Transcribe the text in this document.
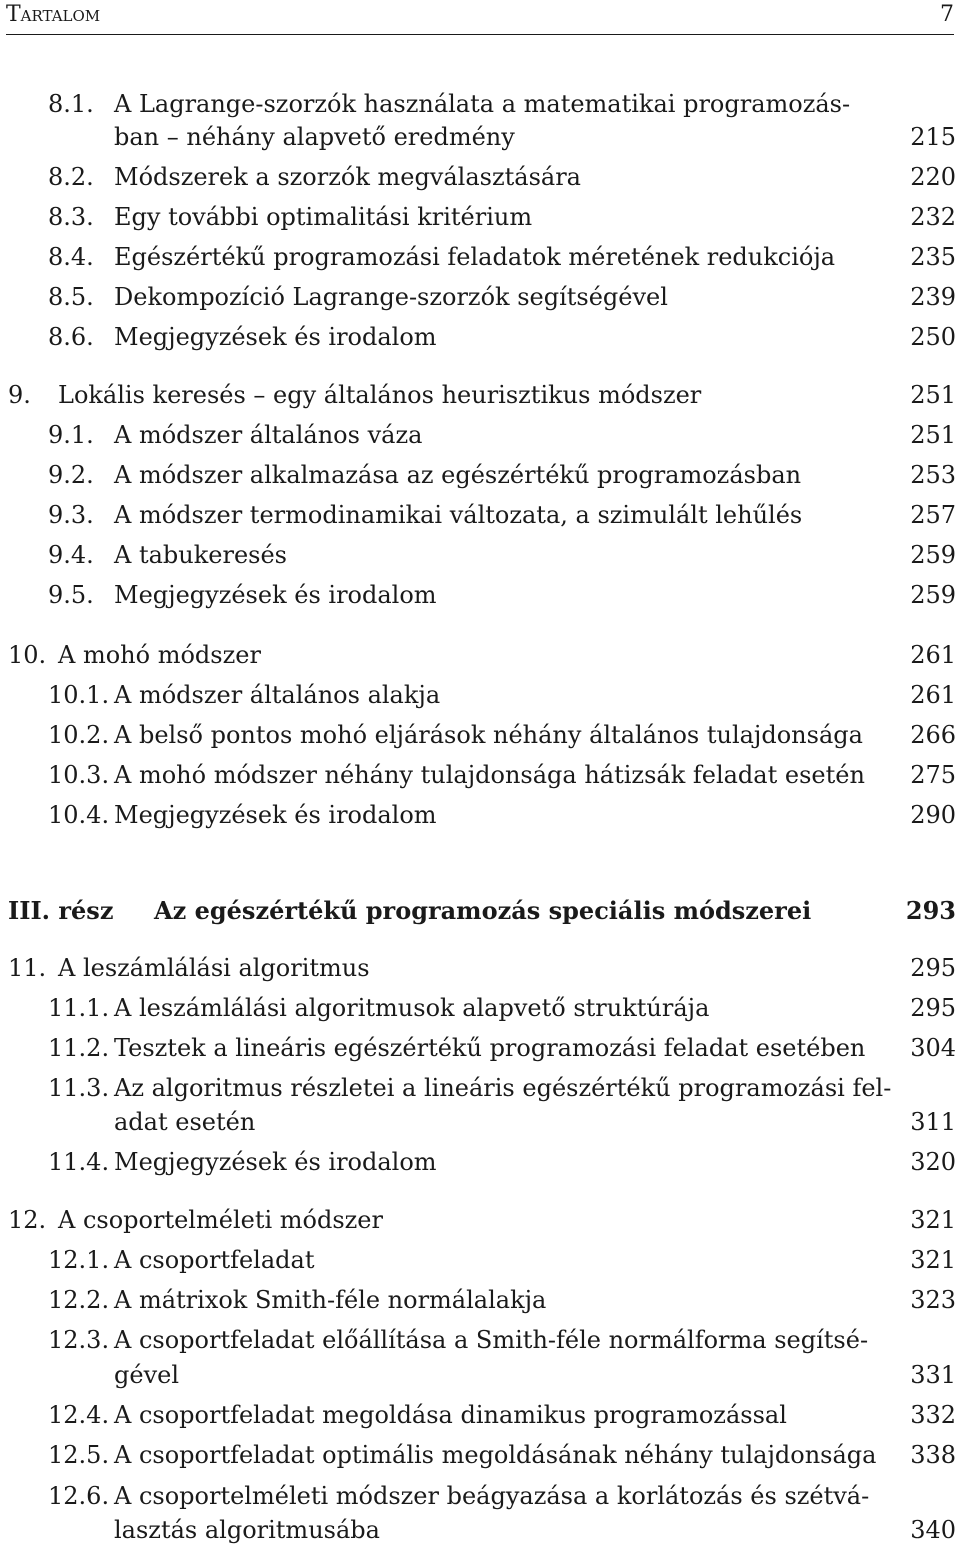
Tartalom	7
8.1. A Lagrange-szorzók használata a matematikai programozás-
ban – néhány alapvető eredmény	215
8.2. Módszerek a szorzók megválasztására	220
8.3. Egy további optimalitási kritérium	232
8.4. Egészértékű programozási feladatok méretének redukciója	235
8.5. Dekompozíció Lagrange-szorzók segítségével	239
8.6. Megjegyzések és irodalom	250
9.	Lokális keresés – egy általános heurisztikus módszer	251
9.1. A módszer általános váza	251
9.2. A módszer alkalmazása az egészértékű programozásban	253
9.3. A módszer termodinamikai változata, a szimulált lehűlés	257
9.4. A tabukeresés	259
9.5. Megjegyzések és irodalom	259
10. A mohó módszer	261
10.1. A módszer általános alakja	261
10.2. A belső pontos mohó eljárások néhány általános tulajdonsága 266
10.3. A mohó módszer néhány tulajdonsága hátizsák feladat esetén 275
10.4. Megjegyzések és irodalom	290
III. rész	Az egészértékű programozás speciális módszerei	293
11. A leszámlálási algoritmus	295
11.1. A leszámlálási algoritmusok alapvető struktúrája	295
11.2. Tesztek a lineáris egészértékű programozási feladat esetében 304
11.3. Az algoritmus részletei a lineáris egészértékű programozási fel-
adat esetén	311
11.4. Megjegyzések és irodalom	320
12. A csoportelméleti módszer	321
12.1. A csoportfeladat	321
12.2. A mátrixok Smith-féle normálalakja	323
12.3. A csoportfeladat előállítása a Smith-féle normálforma segítsé-
gével	331
12.4. A csoportfeladat megoldása dinamikus programozással	332
12.5. A csoportfeladat optimális megoldásának néhány tulajdonsága 338
12.6. A csoportelméleti módszer beágyazása a korlátozás és szétvá-
lasztás algoritmusába	340
